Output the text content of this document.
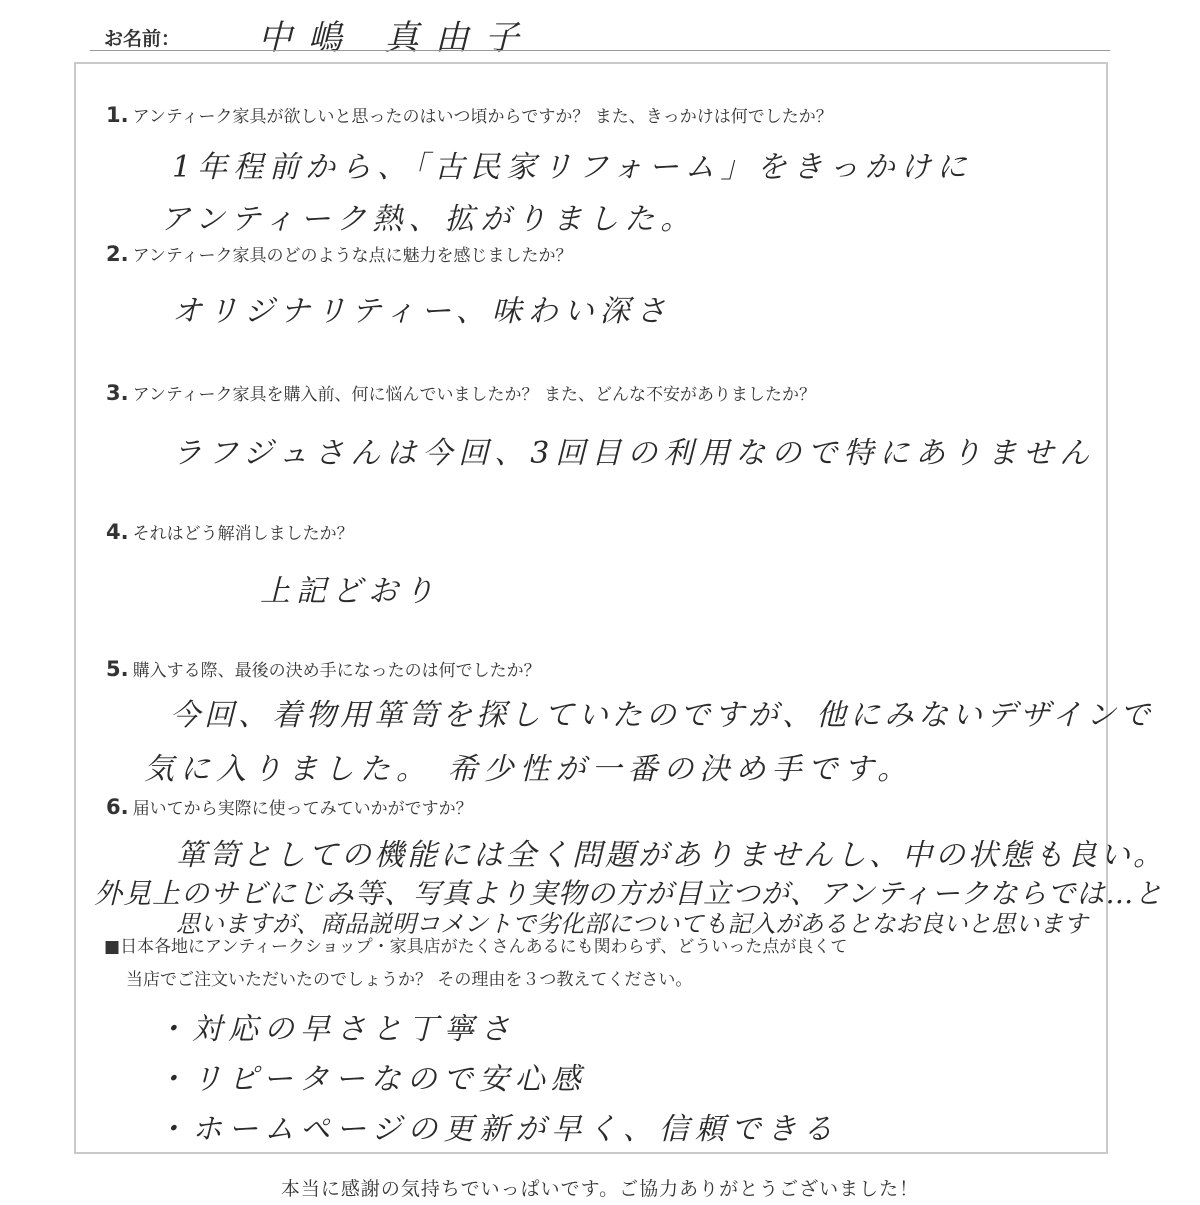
お名前： 中嶋 真由子
1. アンティーク家具が欲しいと思ったのはいつ頃からですか？ また、きっかけは何でしたか？
1年程前から、「古民家リフォーム」をきっかけに
アンティーク熱、拡がりました。
2. アンティーク家具のどのような点に魅力を感じましたか？
オリジナリティー、味わい深さ
3. アンティーク家具を購入前、何に悩んでいましたか？ また、どんな不安がありましたか？
ラフジュさんは今回、3回目の利用なので特にありません
4. それはどう解消しましたか？
上記どおり
5. 購入する際、最後の決め手になったのは何でしたか？
今回、着物用箪笥を探していたのですが、他にみないデザインで
気に入りました。 希少性が一番の決め手です。
6. 届いてから実際に使ってみていかがですか？
箪笥としての機能には全く問題がありませんし、中の状態も良い。
外見上のサビにじみ等、写真より実物の方が目立つが、アンティークならでは…と
思いますが、商品説明コメントで劣化部についても記入があるとなお良いと思います
■日本各地にアンティークショップ・家具店がたくさんあるにも関わらず、どういった点が良くて
当店でご注文いただいたのでしょうか？ その理由を３つ教えてください。
・対応の早さと丁寧さ
・リピーターなので安心感
・ホームページの更新が早く、信頼できる
本当に感謝の気持ちでいっぱいです。ご協力ありがとうございました！
